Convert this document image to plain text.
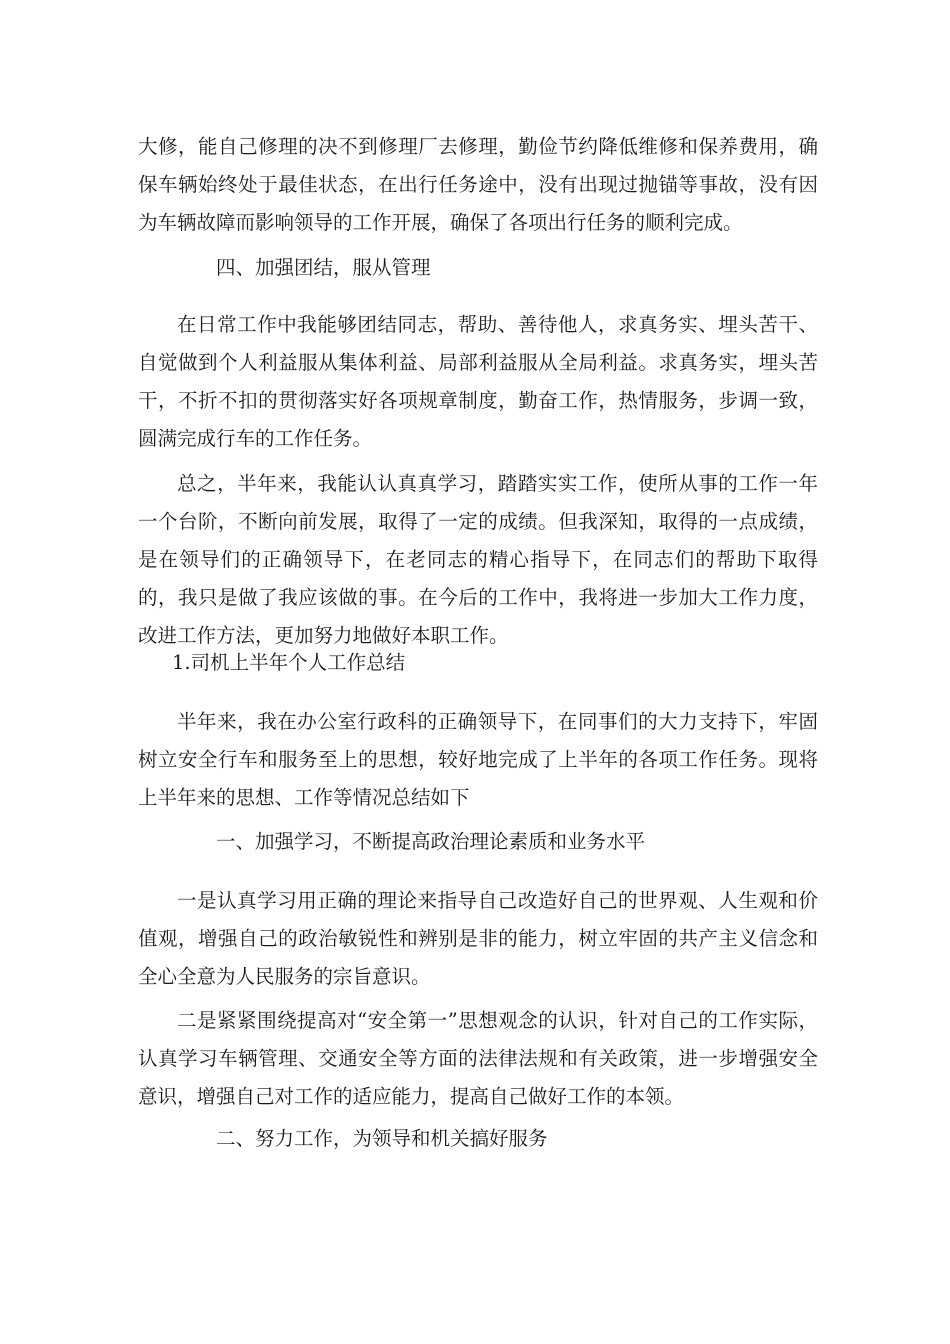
大修，能自己修理的决不到修理厂去修理，勤俭节约降低维修和保养费用，确保车辆始终处于最佳状态，在出行任务途中，没有出现过抛锚等事故，没有因为车辆故障而影响领导的工作开展，确保了各项出行任务的顺利完成。

四、加强团结，服从管理

在日常工作中我能够团结同志，帮助、善待他人，求真务实、埋头苦干、自觉做到个人利益服从集体利益、局部利益服从全局利益。求真务实，埋头苦干，不折不扣的贯彻落实好各项规章制度，勤奋工作，热情服务，步调一致，圆满完成行车的工作任务。

总之，半年来，我能认认真真学习，踏踏实实工作，使所从事的工作一年一个台阶，不断向前发展，取得了一定的成绩。但我深知，取得的一点成绩，是在领导们的正确领导下，在老同志的精心指导下，在同志们的帮助下取得的，我只是做了我应该做的事。在今后的工作中，我将进一步加大工作力度，改进工作方法，更加努力地做好本职工作。

1.司机上半年个人工作总结

半年来，我在办公室行政科的正确领导下，在同事们的大力支持下，牢固树立安全行车和服务至上的思想，较好地完成了上半年的各项工作任务。现将上半年来的思想、工作等情况总结如下

一、加强学习，不断提高政治理论素质和业务水平

一是认真学习用正确的理论来指导自己改造好自己的世界观、人生观和价值观，增强自己的政治敏锐性和辨别是非的能力，树立牢固的共产主义信念和全心全意为人民服务的宗旨意识。

二是紧紧围绕提高对“安全第一”思想观念的认识，针对自己的工作实际，认真学习车辆管理、交通安全等方面的法律法规和有关政策，进一步增强安全意识，增强自己对工作的适应能力，提高自己做好工作的本领。

二、努力工作，为领导和机关搞好服务
